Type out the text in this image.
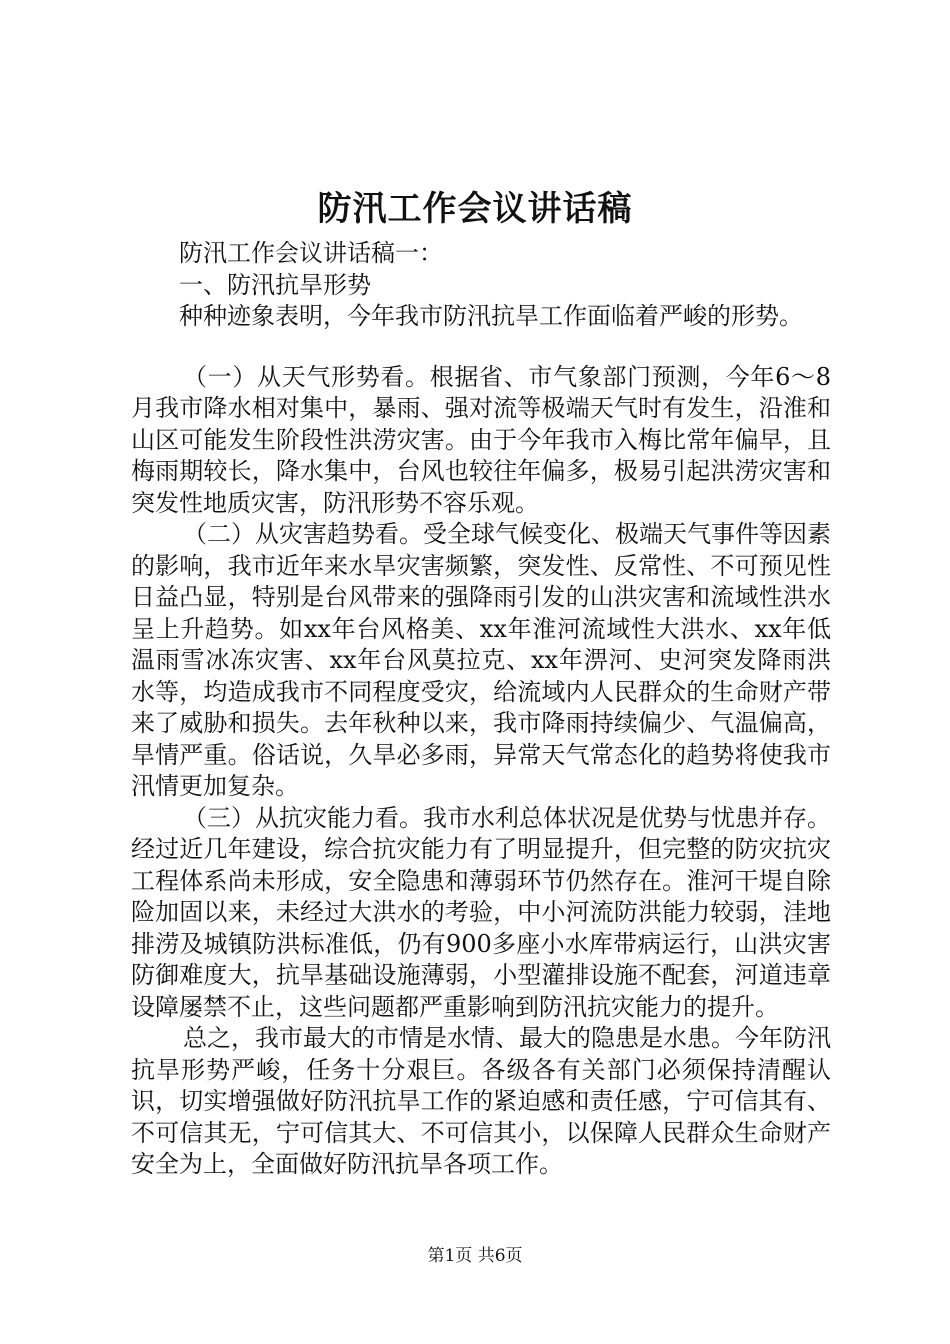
防汛工作会议讲话稿

防汛工作会议讲话稿一：

一、防汛抗旱形势

种种迹象表明，今年我市防汛抗旱工作面临着严峻的形势。

（一）从天气形势看。根据省、市气象部门预测，今年6～8月我市降水相对集中，暴雨、强对流等极端天气时有发生，沿淮和山区可能发生阶段性洪涝灾害。由于今年我市入梅比常年偏早，且梅雨期较长，降水集中，台风也较往年偏多，极易引起洪涝灾害和突发性地质灾害，防汛形势不容乐观。

（二）从灾害趋势看。受全球气候变化、极端天气事件等因素的影响，我市近年来水旱灾害频繁，突发性、反常性、不可预见性日益凸显，特别是台风带来的强降雨引发的山洪灾害和流域性洪水呈上升趋势。如xx年台风格美、xx年淮河流域性大洪水、xx年低温雨雪冰冻灾害、xx年台风莫拉克、xx年淠河、史河突发降雨洪水等，均造成我市不同程度受灾，给流域内人民群众的生命财产带来了威胁和损失。去年秋种以来，我市降雨持续偏少、气温偏高，旱情严重。俗话说，久旱必多雨，异常天气常态化的趋势将使我市汛情更加复杂。

（三）从抗灾能力看。我市水利总体状况是优势与忧患并存。经过近几年建设，综合抗灾能力有了明显提升，但完整的防灾抗灾工程体系尚未形成，安全隐患和薄弱环节仍然存在。淮河干堤自除险加固以来，未经过大洪水的考验，中小河流防洪能力较弱，洼地排涝及城镇防洪标准低，仍有900多座小水库带病运行，山洪灾害防御难度大，抗旱基础设施薄弱，小型灌排设施不配套，河道违章设障屡禁不止，这些问题都严重影响到防汛抗灾能力的提升。

总之，我市最大的市情是水情、最大的隐患是水患。今年防汛抗旱形势严峻，任务十分艰巨。各级各有关部门必须保持清醒认识，切实增强做好防汛抗旱工作的紧迫感和责任感，宁可信其有、不可信其无，宁可信其大、不可信其小，以保障人民群众生命财产安全为上，全面做好防汛抗旱各项工作。

第1页 共6页
